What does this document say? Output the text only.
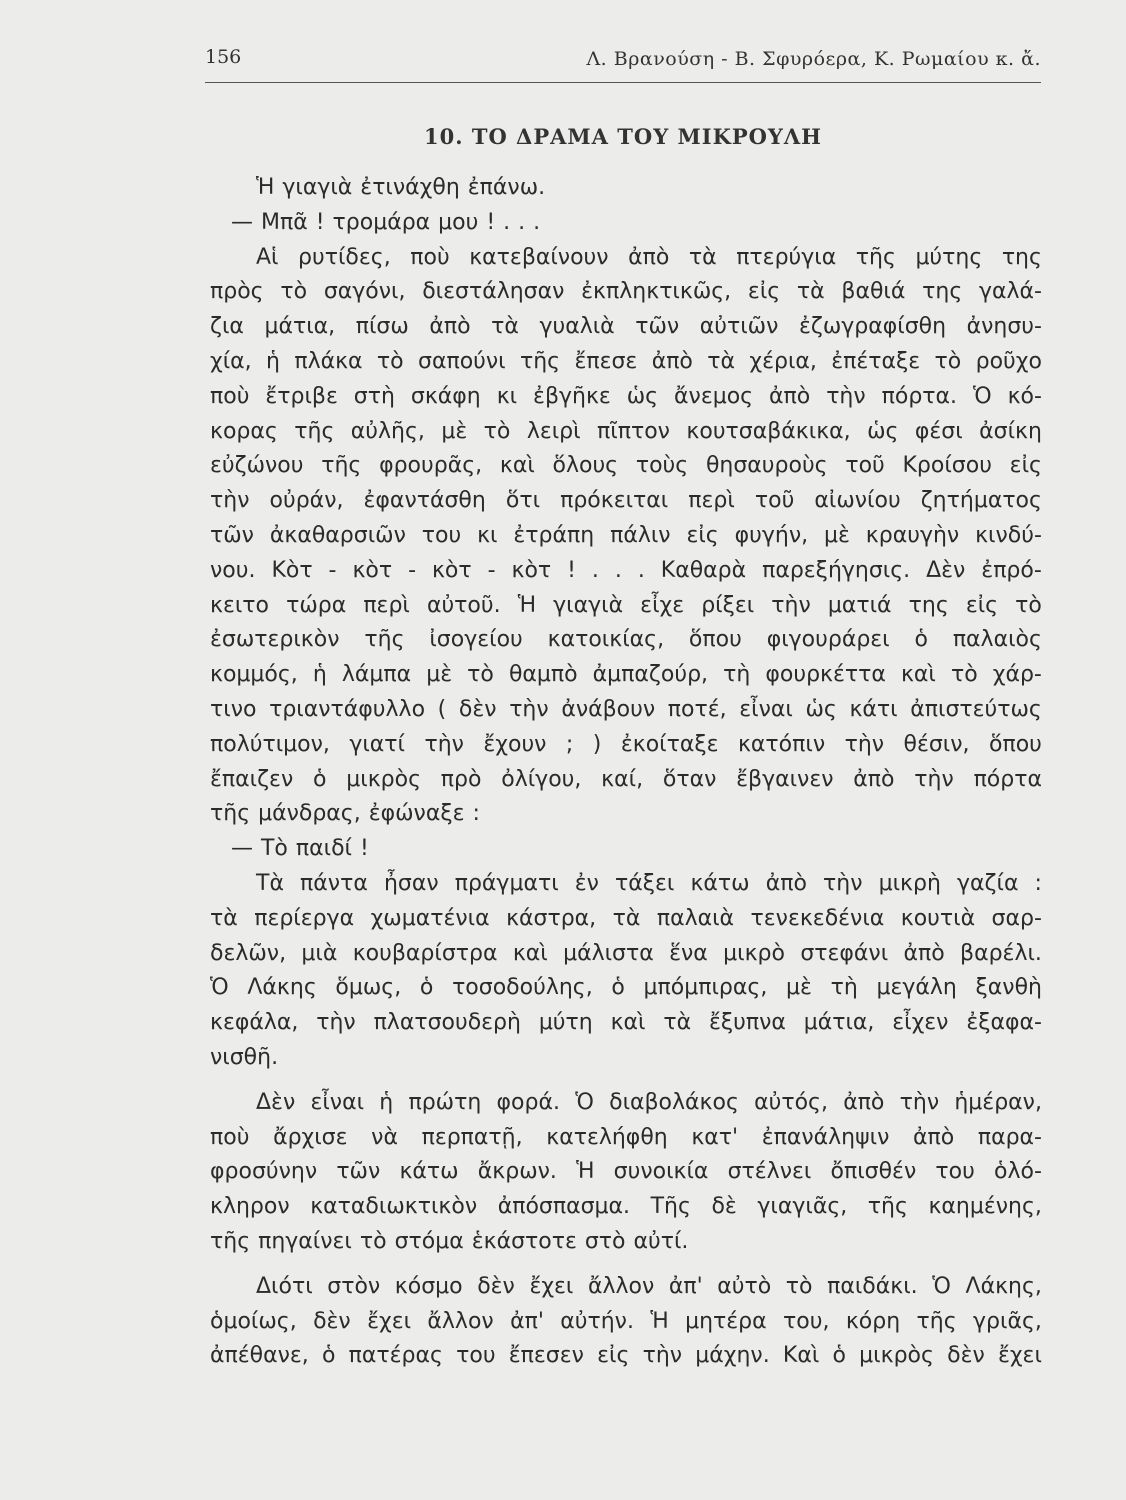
156	Λ. Βρανούση - Β. Σφυρόερα, Κ. Ρωμαίου κ. ἄ.
10. ΤΟ ΔΡΑΜΑ ΤΟΥ ΜΙΚΡΟΥΛΗ
Ἡ γιαγιὰ ἐτινάχθη ἐπάνω.
— Μπᾶ ! τρομάρα μου ! . . .
Αἱ ρυτίδες, ποὺ κατεβαίνουν ἀπὸ τὰ πτερύγια τῆς μύτης της
πρὸς τὸ σαγόνι, διεστάλησαν ἐκπληκτικῶς, εἰς τὰ βαθιά της γαλά-
ζια μάτια, πίσω ἀπὸ τὰ γυαλιὰ τῶν αὐτιῶν ἐζωγραφίσθη ἀνησυ-
χία, ἡ πλάκα τὸ σαπούνι τῆς ἔπεσε ἀπὸ τὰ χέρια, ἐπέταξε τὸ ροῦχο
ποὺ ἔτριβε στὴ σκάφη κι ἐβγῆκε ὡς ἄνεμος ἀπὸ τὴν πόρτα. Ὁ κό-
κορας τῆς αὐλῆς, μὲ τὸ λειρὶ πῖπτον κουτσαβάκικα, ὡς φέσι ἀσίκη
εὐζώνου τῆς φρουρᾶς, καὶ ὅλους τοὺς θησαυροὺς τοῦ Κροίσου εἰς
τὴν οὐράν, ἐφαντάσθη ὅτι πρόκειται περὶ τοῦ αἰωνίου ζητήματος
τῶν ἀκαθαρσιῶν του κι ἐτράπη πάλιν εἰς φυγήν, μὲ κραυγὴν κινδύ-
νου. Κὸτ - κὸτ - κὸτ - κὸτ ! . . . Καθαρὰ παρεξήγησις. Δὲν ἐπρό-
κειτο τώρα περὶ αὐτοῦ. Ἡ γιαγιὰ εἶχε ρίξει τὴν ματιά της εἰς τὸ
ἐσωτερικὸν τῆς ἰσογείου κατοικίας, ὅπου φιγουράρει ὁ παλαιὸς
κομμός, ἡ λάμπα μὲ τὸ θαμπὸ ἀμπαζούρ, τὴ φουρκέττα καὶ τὸ χάρ-
τινο τριαντάφυλλο ( δὲν τὴν ἀνάβουν ποτέ, εἶναι ὡς κάτι ἀπιστεύτως
πολύτιμον, γιατί τὴν ἔχουν ; ) ἐκοίταξε κατόπιν τὴν θέσιν, ὅπου
ἔπαιζεν ὁ μικρὸς πρὸ ὀλίγου, καί, ὅταν ἔβγαινεν ἀπὸ τὴν πόρτα
τῆς μάνδρας, ἐφώναξε :
— Τὸ παιδί !
Τὰ πάντα ἦσαν πράγματι ἐν τάξει κάτω ἀπὸ τὴν μικρὴ γαζία :
τὰ περίεργα χωματένια κάστρα, τὰ παλαιὰ τενεκεδένια κουτιὰ σαρ-
δελῶν, μιὰ κουβαρίστρα καὶ μάλιστα ἕνα μικρὸ στεφάνι ἀπὸ βαρέλι.
Ὁ Λάκης ὅμως, ὁ τοσοδούλης, ὁ μπόμπιρας, μὲ τὴ μεγάλη ξανθὴ
κεφάλα, τὴν πλατσουδερὴ μύτη καὶ τὰ ἔξυπνα μάτια, εἶχεν ἐξαφα-
νισθῆ.
Δὲν εἶναι ἡ πρώτη φορά. Ὁ διαβολάκος αὐτός, ἀπὸ τὴν ἡμέραν,
ποὺ ἄρχισε νὰ περπατῇ, κατελήφθη κατ' ἐπανάληψιν ἀπὸ παρα-
φροσύνην τῶν κάτω ἄκρων. Ἡ συνοικία στέλνει ὄπισθέν του ὁλό-
κληρον καταδιωκτικὸν ἀπόσπασμα. Τῆς δὲ γιαγιᾶς, τῆς καημένης,
τῆς πηγαίνει τὸ στόμα ἑκάστοτε στὸ αὐτί.
Διότι στὸν κόσμο δὲν ἔχει ἄλλον ἀπ' αὐτὸ τὸ παιδάκι. Ὁ Λάκης,
ὁμοίως, δὲν ἔχει ἄλλον ἀπ' αὐτήν. Ἡ μητέρα του, κόρη τῆς γριᾶς,
ἀπέθανε, ὁ πατέρας του ἔπεσεν εἰς τὴν μάχην. Καὶ ὁ μικρὸς δὲν ἔχει
